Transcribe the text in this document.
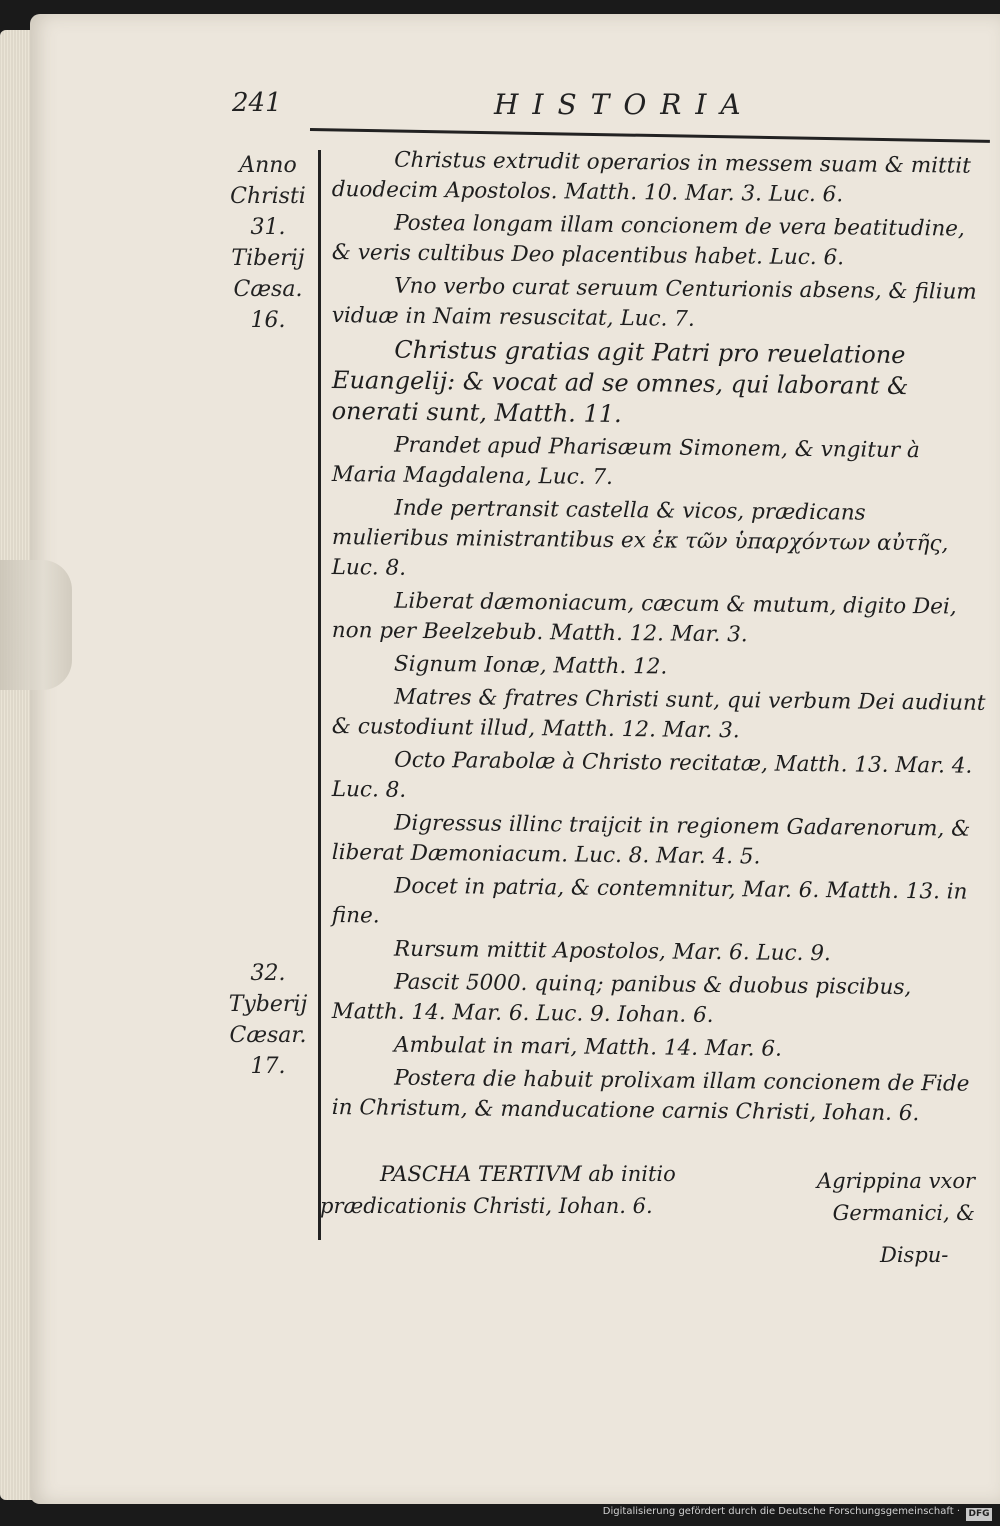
241	HISTORIA
Anno
Christi
31.
Tiberij
Cæsa.
16.
32.
Tyberij
Cæsar.
17.

Christus extrudit operarios in messem suam & mittit duodecim Apostolos. Matth. 10. Mar. 3. Luc. 6.

Postea longam illam concionem de vera beatitudine, & veris cultibus Deo placentibus habet. Luc. 6.

Vno verbo curat seruum Centurionis absens, & filium viduæ in Naim resuscitat, Luc. 7.

Christus gratias agit Patri pro reuelatione Euangelij: & vocat ad se omnes, qui laborant & onerati sunt, Matth. 11.

Prandet apud Pharisæum Simonem, & vngitur à Maria Magdalena, Luc. 7.

Inde pertransit castella & vicos, prædicans mulieribus ministrantibus ex ἐκ τῶν ὑπαρχόντων αὐτῆς, Luc. 8.

Liberat dæmoniacum, cæcum & mutum, digito Dei, non per Beelzebub. Matth. 12. Mar. 3.

Signum Ionæ, Matth. 12.

Matres & fratres Christi sunt, qui verbum Dei audiunt & custodiunt illud, Matth. 12. Mar. 3.

Octo Parabolæ à Christo recitatæ, Matth. 13. Mar. 4. Luc. 8.

Digressus illinc traijcit in regionem Gadarenorum, & liberat Dæmoniacum. Luc. 8. Mar. 4. 5.

Docet in patria, & contemnitur, Mar. 6. Matth. 13. in fine.

Rursum mittit Apostolos, Mar. 6. Luc. 9.

Pascit 5000. quinq; panibus & duobus piscibus, Matth. 14. Mar. 6. Luc. 9. Iohan. 6.

Ambulat in mari, Matth. 14. Mar. 6.

Postera die habuit prolixam illam concionem de Fide in Christum, & manducatione carnis Christi, Iohan. 6.

PASCHA TERTIVM ab initio prædicationis Christi, Iohan. 6.
Agrippina vxor Germanici, &
Dispu-
Digitalisierung gefördert durch die Deutsche Forschungsgemeinschaft · DFG
